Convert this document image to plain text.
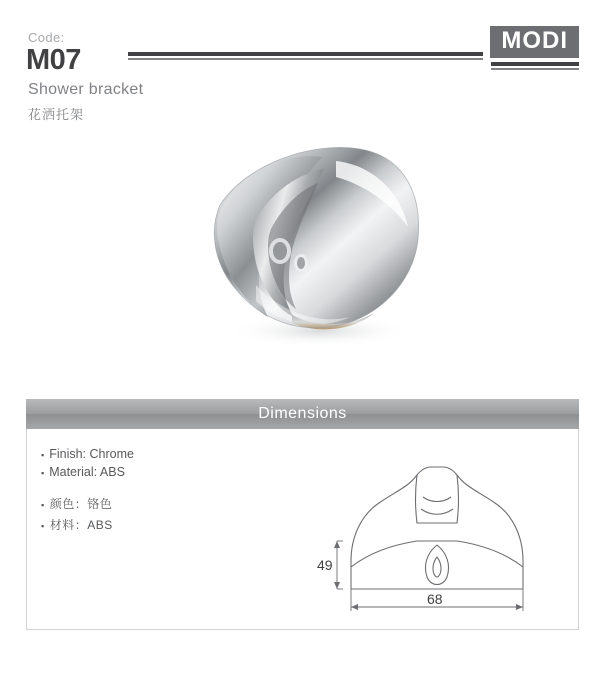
Code:
M07
Shower bracket
花洒托架
MODI
Dimensions
▪ Finish: Chrome
▪ Material: ABS
▪ 颜色：铬色
▪ 材料：ABS
49
68
